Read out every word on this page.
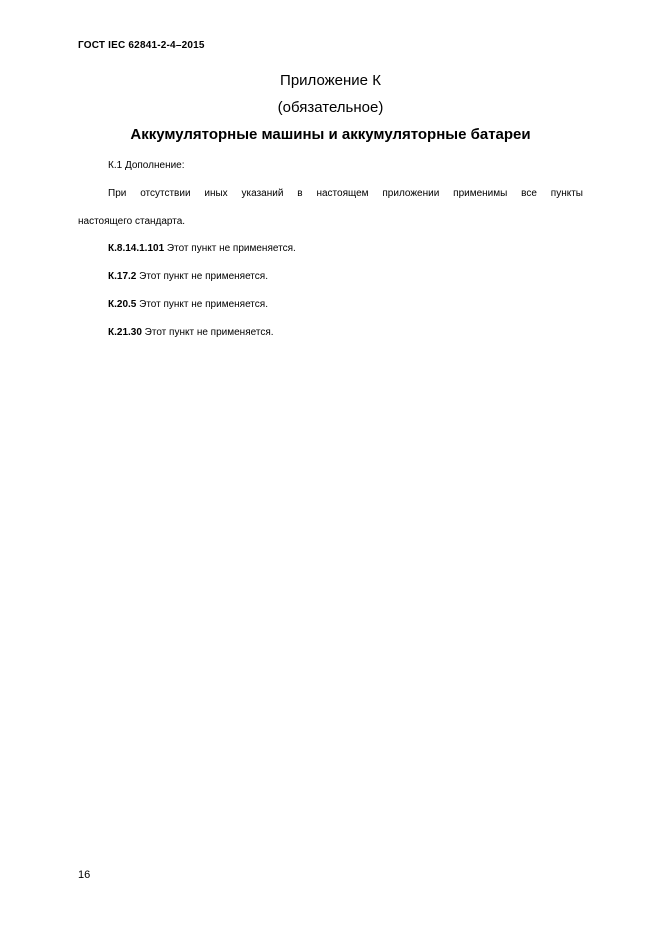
ГОСТ IEC 62841-2-4–2015
Приложение К
(обязательное)
Аккумуляторные машины и аккумуляторные батареи
К.1 Дополнение:
При отсутствии иных указаний в настоящем приложении применимы все пункты
настоящего стандарта.
К.8.14.1.101 Этот пункт не применяется.
К.17.2 Этот пункт не применяется.
К.20.5 Этот пункт не применяется.
К.21.30 Этот пункт не применяется.
16
